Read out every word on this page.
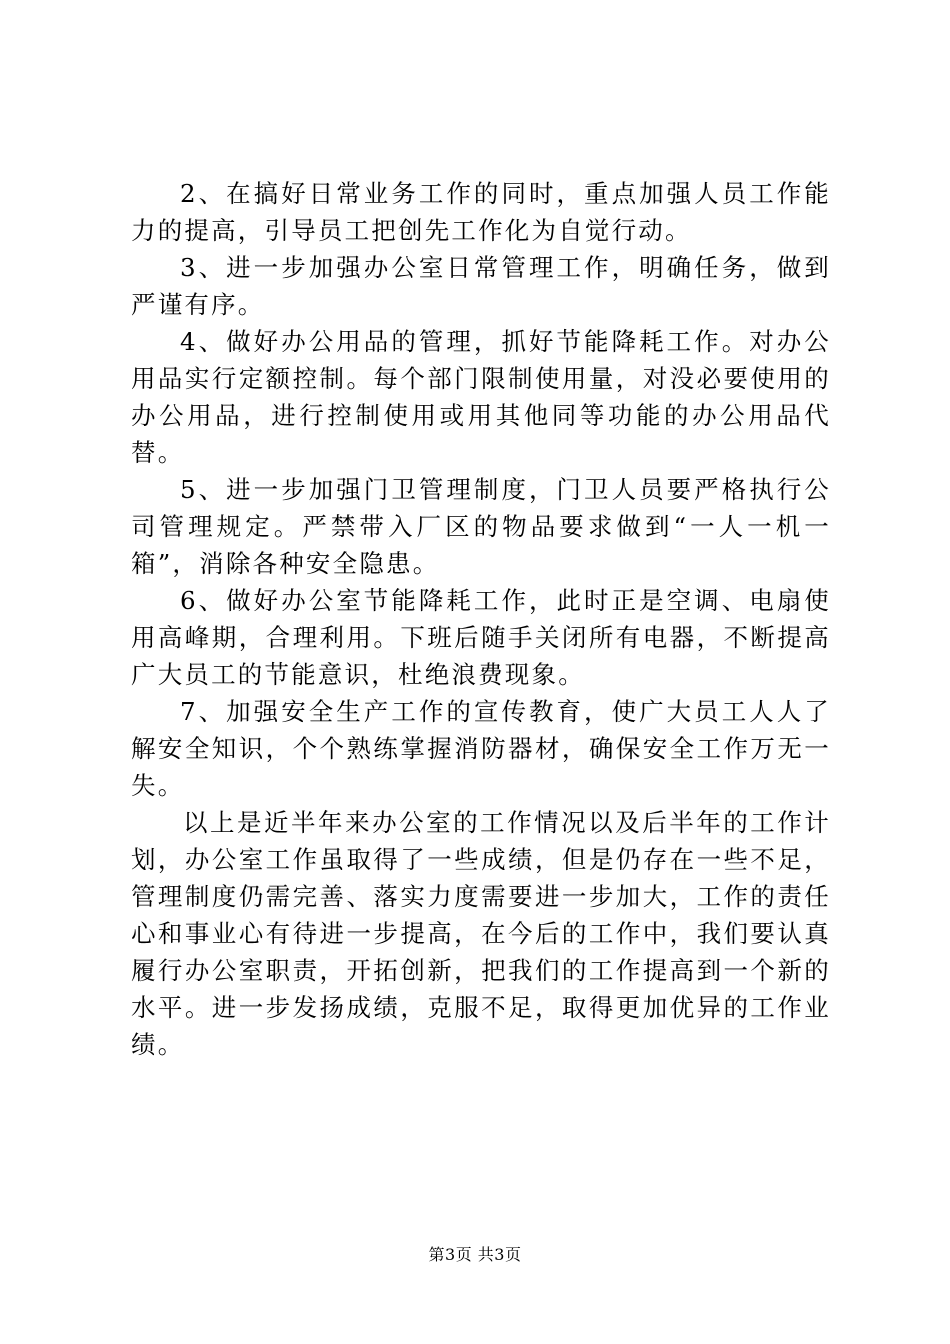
2、在搞好日常业务工作的同时，重点加强人员工作能力的提高，引导员工把创先工作化为自觉行动。

3、进一步加强办公室日常管理工作，明确任务，做到严谨有序。

4、做好办公用品的管理，抓好节能降耗工作。对办公用品实行定额控制。每个部门限制使用量，对没必要使用的办公用品，进行控制使用或用其他同等功能的办公用品代替。

5、进一步加强门卫管理制度，门卫人员要严格执行公司管理规定。严禁带入厂区的物品要求做到“一人一机一箱”，消除各种安全隐患。

6、做好办公室节能降耗工作，此时正是空调、电扇使用高峰期，合理利用。下班后随手关闭所有电器，不断提高广大员工的节能意识，杜绝浪费现象。

7、加强安全生产工作的宣传教育，使广大员工人人了解安全知识，个个熟练掌握消防器材，确保安全工作万无一失。

以上是近半年来办公室的工作情况以及后半年的工作计划，办公室工作虽取得了一些成绩，但是仍存在一些不足，管理制度仍需完善、落实力度需要进一步加大，工作的责任心和事业心有待进一步提高，在今后的工作中，我们要认真履行办公室职责，开拓创新，把我们的工作提高到一个新的水平。进一步发扬成绩，克服不足，取得更加优异的工作业绩。

第3页 共3页
